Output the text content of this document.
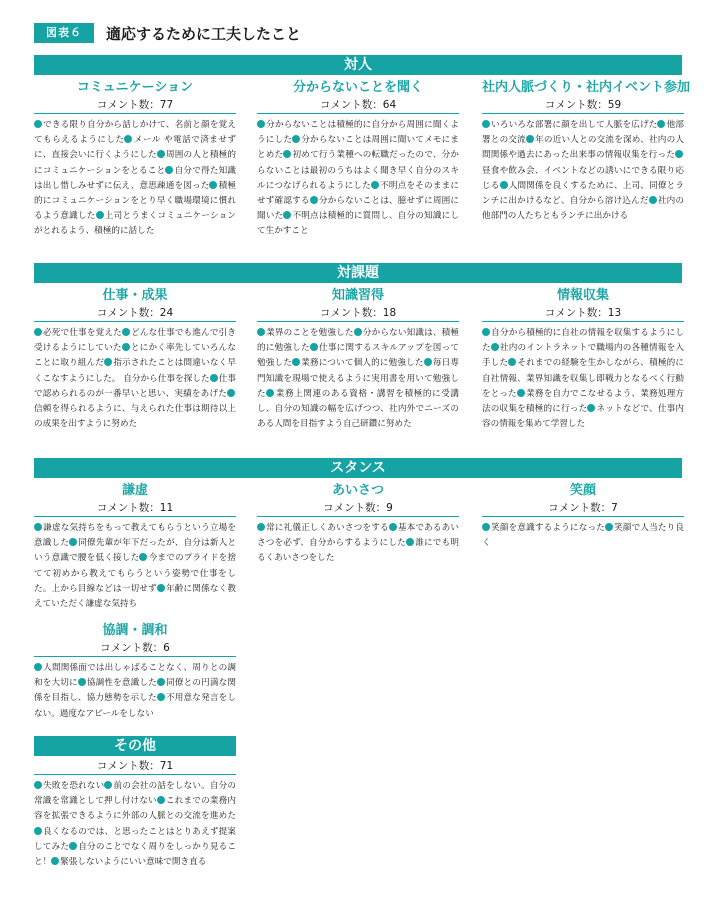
図表６	適応するために工夫したこと
対人
コミュニケーション
コメント数：77
できる限り自分から話しかけて、名前と顔を覚えてもらえるようにした メール や電話で済ませずに、直接会いに行くようにした 周囲の人と積極的にコミュニケーションをとること 自分で得た知識は出し惜しみせずに伝え、意思疎通を図った 積極的にコミュニケーションをとり早く職場環境に慣れるよう意識した 上司とうまくコミュニケーションがとれるよう、積極的に話した
分からないことを聞く
コメント数：64
分からないことは積極的に自分から周囲に聞くようにした 分からないことは周囲に聞いてメモにまとめた 初めて行う業種への転職だったので、分からないことは最初のうちはよく聞き早く自分のスキルにつなげられるようにした 不明点をそのままにせず確認する 分からないことは、臆せずに周囲に聞いた 不明点は積極的に質問し、自分の知識にして生かすこと
社内人脈づくり・社内イベント参加
コメント数：59
いろいろな部署に顔を出して人脈を広げた 他部署との交流 年の近い人との交流を深め、社内の人間関係や過去にあった出来事の情報収集を行った昼食や飲み会、イベントなどの誘いにできる限り応じる 人間関係を良くするために、上司、同僚とランチに出かけるなど、自分から溶け込んだ 社内の他部門の人たちともランチに出かける
対課題
仕事・成果
コメント数：24
必死で仕事を覚えた どんな仕事でも進んで引き受けるようにしていた とにかく率先していろんなことに取り組んだ 指示されたことは間違いなく早くこなすようにした。 自分から仕事を探した 仕事で認められるのが一番早いと思い、実績をあげた信頼を得られるように、与えられた仕事は期待以上の成果を出すように努めた
知識習得
コメント数：18
業界のことを勉強した 分からない知識は、積極的に勉強した 仕事に関するスキルアップを図って勉強した 業務について個人的に勉強した 毎日専門知識を現場で使えるように実用書を用いて勉強した 業務上関連のある資格・講習を積極的に受講し、自分の知識の幅を広げつつ、社内外でニーズのある人間を目指すよう自己研鑽に努めた
情報収集
コメント数：13
自分から積極的に自社の情報を収集するようにした 社内のイントラネットで職場内の各種情報を入手した それまでの経験を生かしながら、積極的に自社情報、業界知識を収集し即戦力となるべく行動をとった 業務を自力でこなせるよう、業務処理方法の収集を積極的に行った ネットなどで、仕事内容の情報を集めて学習した
スタンス
謙虚
コメント数：11
謙虚な気持ちをもって教えてもらうという立場を意識した 同僚先輩が年下だったが、自分は新人という意識で腰を低く接した 今までのプライドを捨てて初めから教えてもらうという姿勢で仕事をした。上から目線などは一切せず 年齢に関係なく教えていただく謙虚な気持ち
あいさつ
コメント数：9
常に礼儀正しくあいさつをする 基本であるあいさつを必ず、自分からするようにした 誰にでも明るくあいさつをした
笑顔
コメント数：7
笑顔を意識するようになった 笑顔で人当たり良く
協調・調和
コメント数：6
人間関係面では出しゃばることなく、周りとの調和を大切に 協調性を意識した 同僚との円満な関係を目指し、協力態勢を示した 不用意な発言をしない。過度なアピールをしない
その他
コメント数：71
失敗を恐れない 前の会社の話をしない。自分の常識を常識として押し付けない これまでの業務内容を拡張できるように外部の人脈との交流を進めた良くなるのでは、と思ったことはとりあえず提案してみた 自分のことでなく周りをしっかり見ること！ 緊張しないようにいい意味で開き直る
